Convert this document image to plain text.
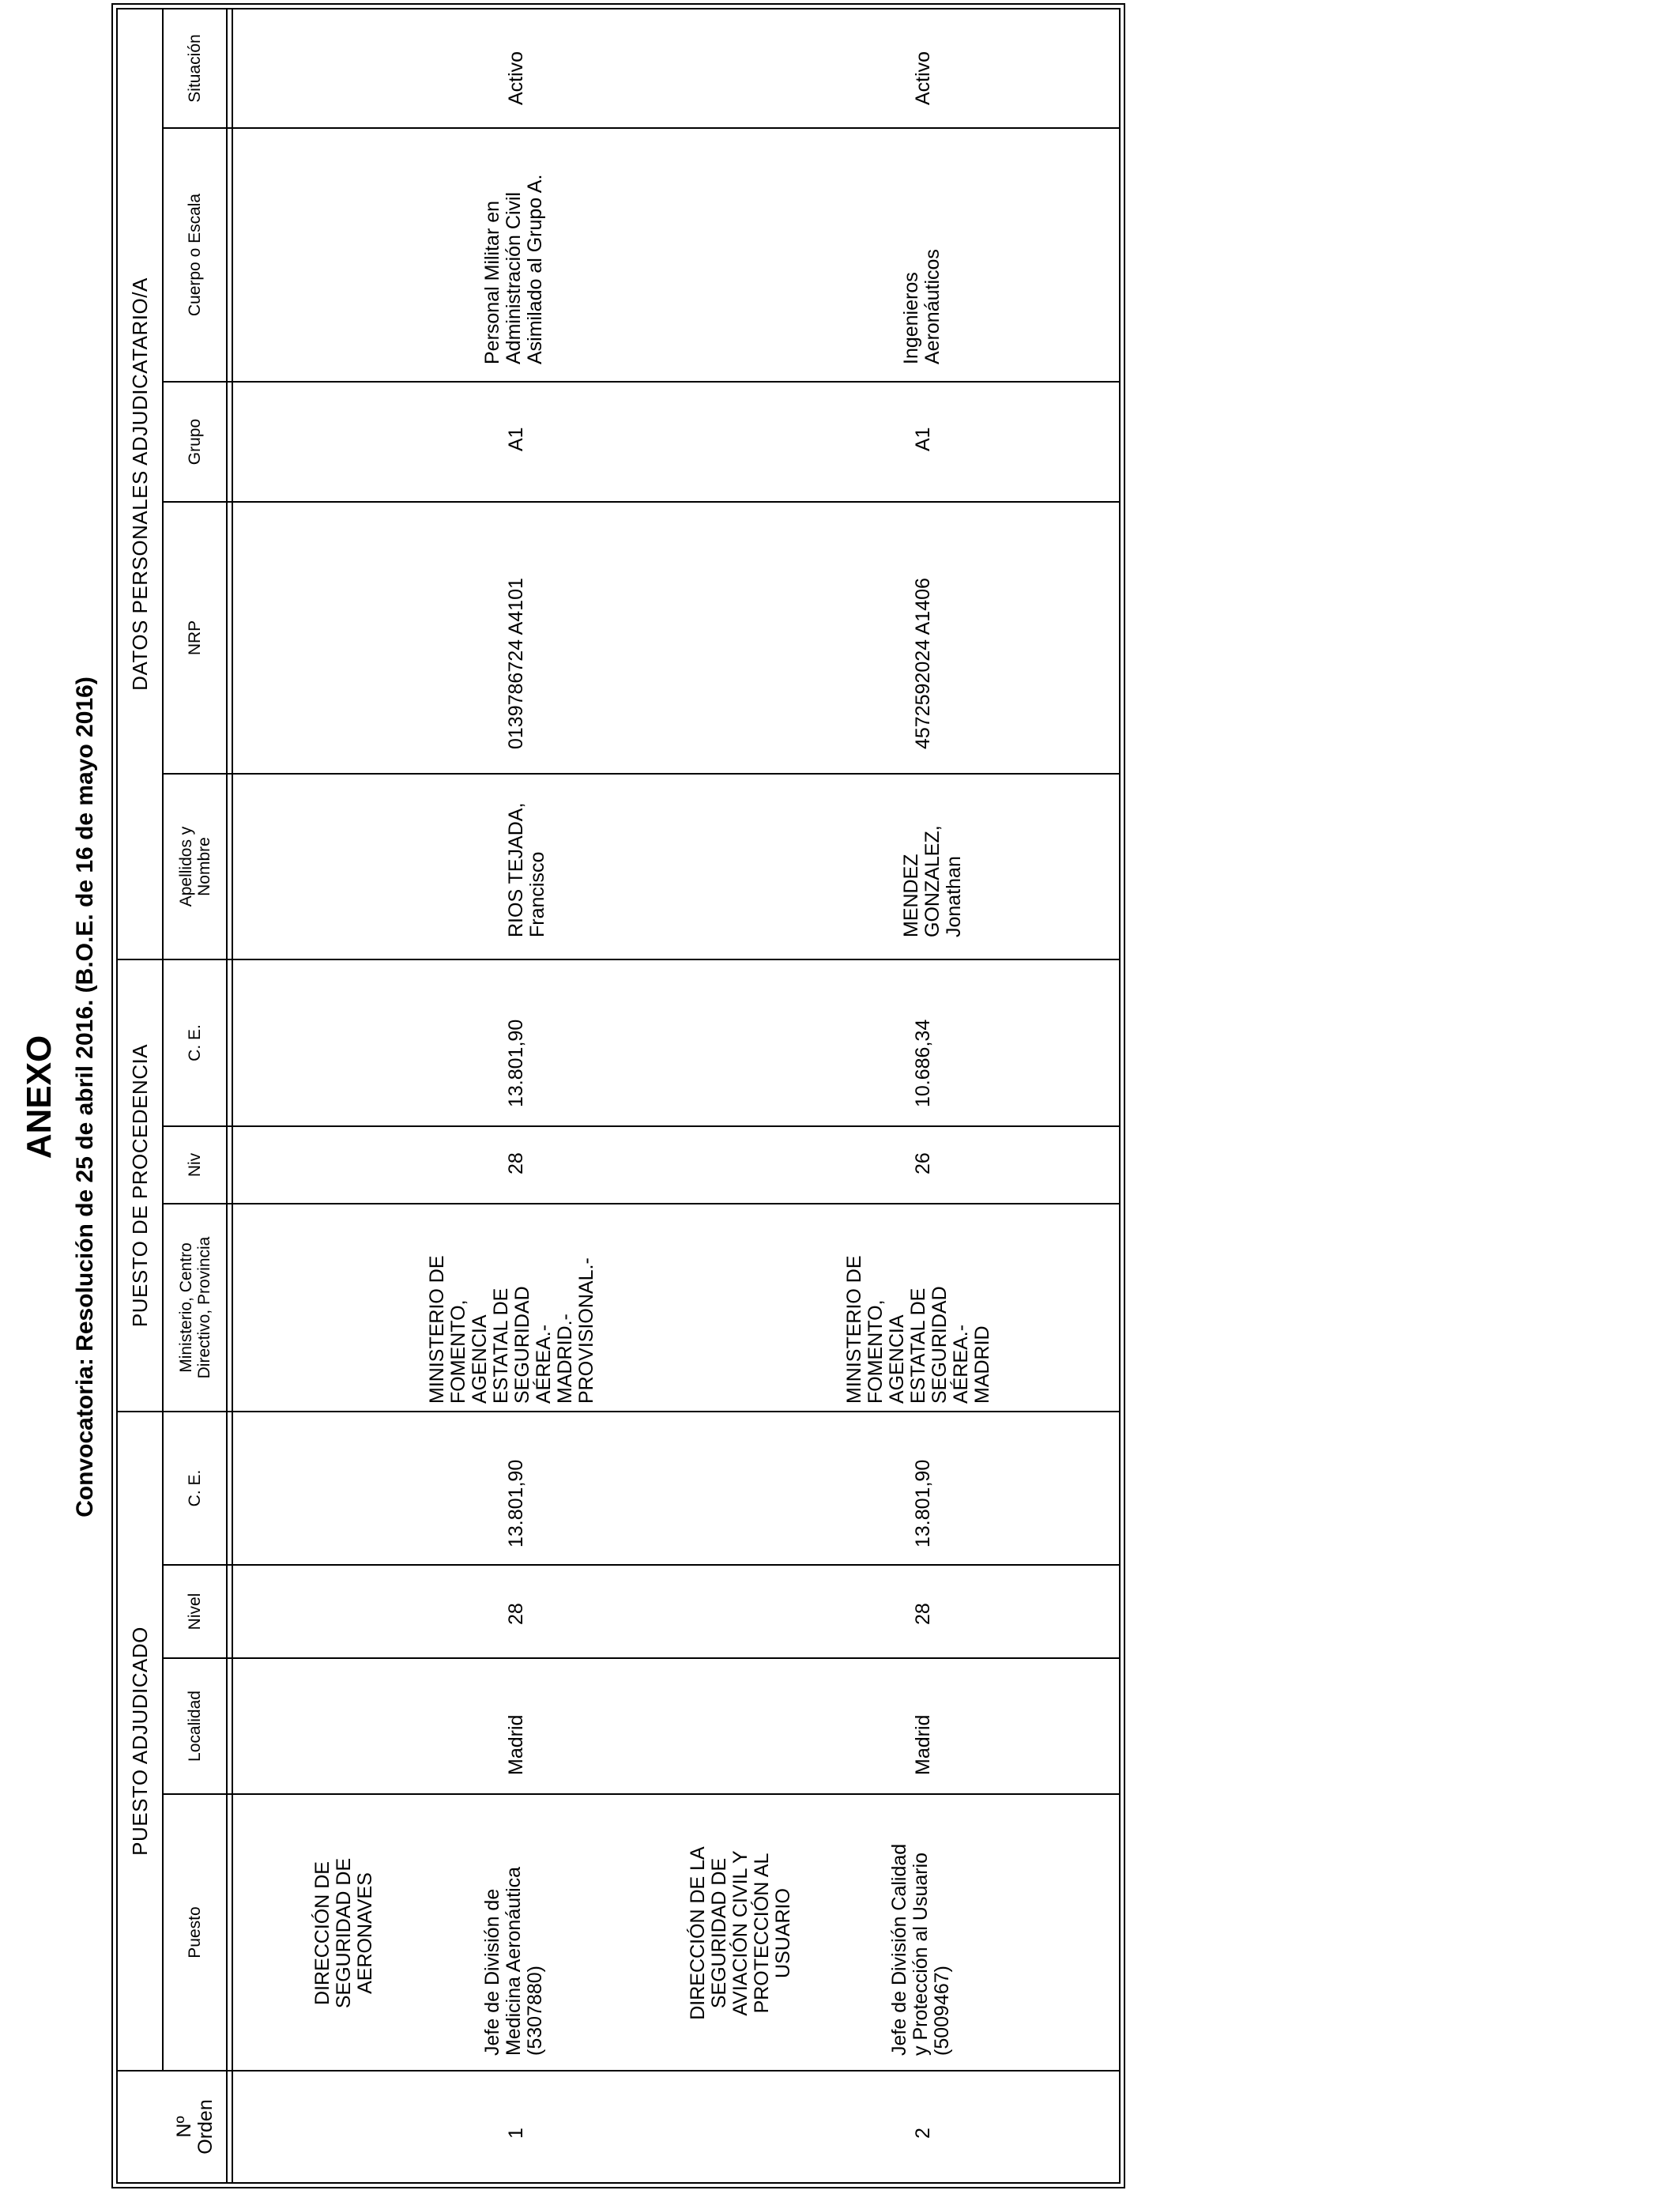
ANEXO Convocatoria: Resolución de 25 de abril 2016. (B.O.E. de 16 de mayo 2016)
PUESTO ADJUDICADO
PUESTO DE PROCEDENCIA
DATOS PERSONALES ADJUDICATARIO/A
Nº
Orden
Puesto
Localidad
Nivel
C. E.
Ministerio, Centro
Directivo, Provincia
Niv
C. E.
Apellidos y
Nombre
NRP
Grupo
Cuerpo o Escala
Situación
DIRECCIÓN DE
SEGURIDAD DE
AERONAVES
1
Jefe de División de
Medicina Aeronáutica
(5307880)
Madrid
28
13.801,90
MINISTERIO DE
FOMENTO,
AGENCIA
ESTATAL DE
SEGURIDAD
AÉREA.-
MADRID.-
PROVISIONAL.-
28
13.801,90
RIOS TEJADA,
Francisco
0139786724 A4101
A1
Personal Militar en
Administración Civil
Asimilado al Grupo A.
Activo
DIRECCIÓN DE LA
SEGURIDAD DE
AVIACIÓN CIVIL Y
PROTECCIÓN AL
USUARIO
2
Jefe de División Calidad
y Protección al Usuario
(5009467)
Madrid
28
13.801,90
MINISTERIO DE
FOMENTO,
AGENCIA
ESTATAL DE
SEGURIDAD
AÉREA.-
MADRID
26
10.686,34
MENDEZ
GONZALEZ,
Jonathan
4572592024 A1406
A1
Ingenieros
Aeronáuticos
Activo
